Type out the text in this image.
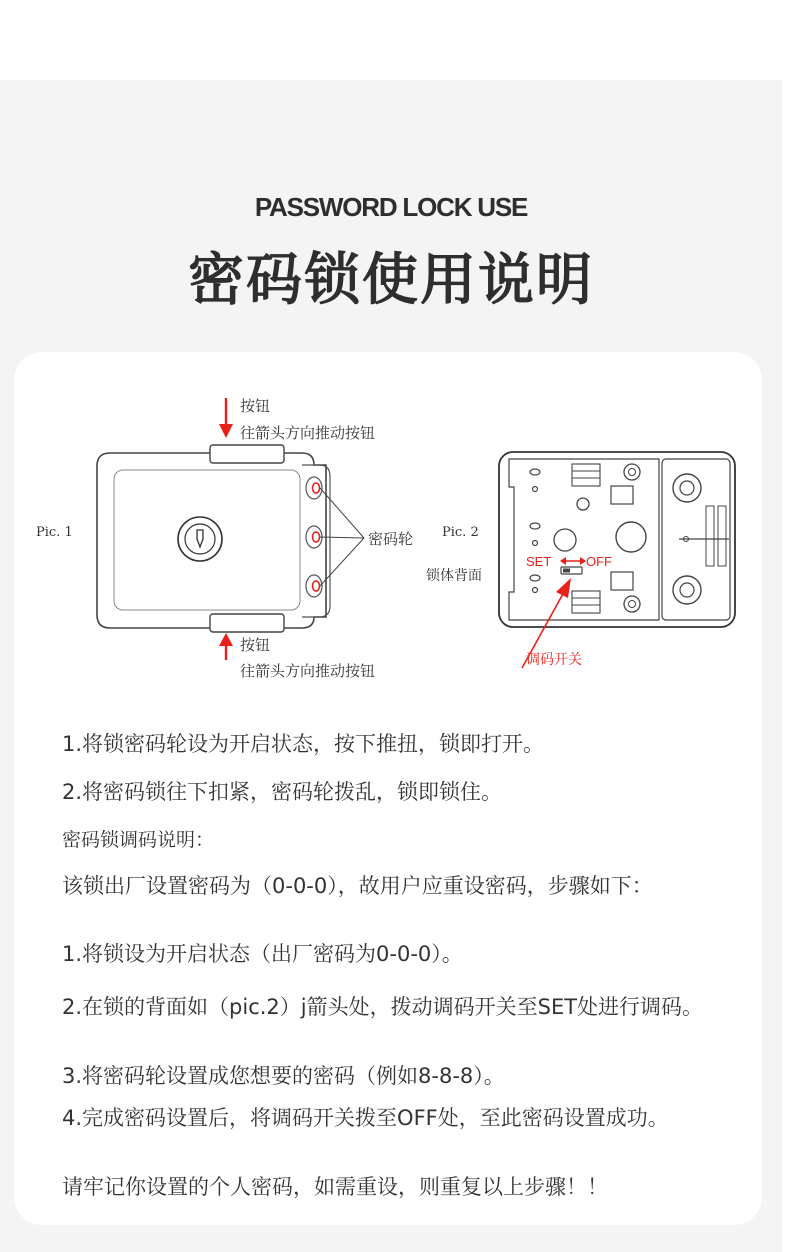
PASSWORD LOCK USE
密码锁使用说明
Pic. 1
按钮
往箭头方向推动按钮
密码轮
按钮
往箭头方向推动按钮
Pic. 2
锁体背面
SET	OFF
调码开关
1.将锁密码轮设为开启状态，按下推扭，锁即打开。
2.将密码锁往下扣紧，密码轮拨乱，锁即锁住。
密码锁调码说明：
该锁出厂设置密码为（0-0-0），故用户应重设密码，步骤如下：
1.将锁设为开启状态（出厂密码为0-0-0）。
2.在锁的背面如（pic.2）j箭头处，拨动调码开关至SET处进行调码。
3.将密码轮设置成您想要的密码（例如8-8-8）。
4.完成密码设置后，将调码开关拨至OFF处，至此密码设置成功。
请牢记你设置的个人密码，如需重设，则重复以上步骤！！
